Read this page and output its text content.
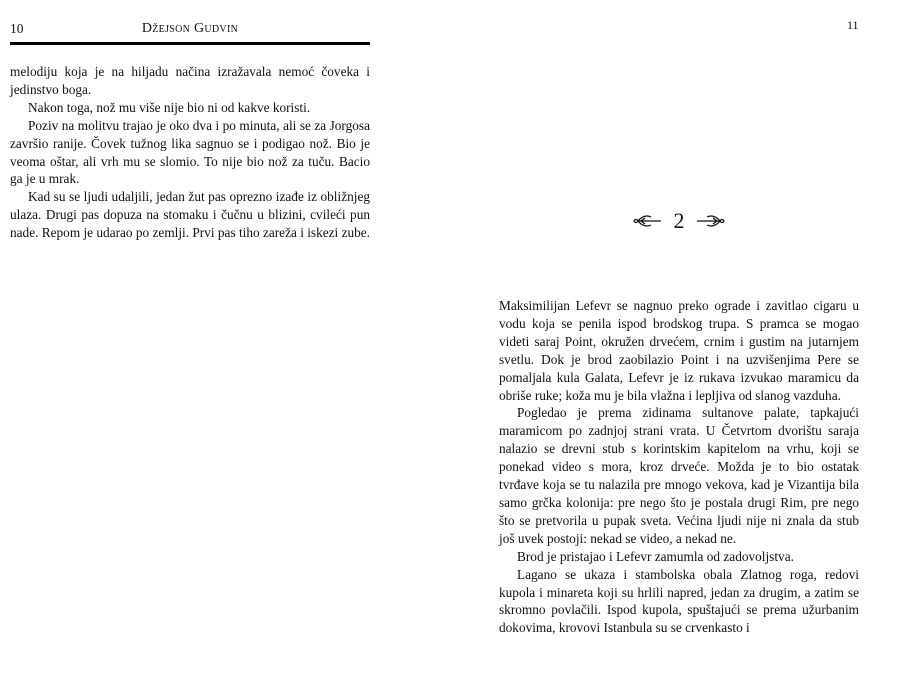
10	Džejson Gudvin

melodiju koja je na hiljadu načina izražavala nemoć čoveka i jedinstvo boga.

Nakon toga, nož mu više nije bio ni od kakve koristi.

Poziv na molitvu trajao je oko dva i po minuta, ali se za Jorgosa završio ranije. Čovek tužnog lika sagnuo se i podigao nož. Bio je veoma oštar, ali vrh mu se slomio. To nije bio nož za tuču. Bacio ga je u mrak.

Kad su se ljudi udaljili, jedan žut pas oprezno izađe iz obližnjeg ulaza. Drugi pas dopuza na stomaku i čučnu u blizini, cvileći pun nade. Repom je udarao po zemlji. Prvi pas tiho zareža i iskezi zube.

11
2

Maksimilijan Lefevr se nagnuo preko ograde i zavitlao cigaru u vodu koja se penila ispod brodskog trupa. S pramca se mogao videti saraj Point, okružen drvećem, crnim i gustim na jutarnjem svetlu. Dok je brod zaobilazio Point i na uzvišenjima Pere se pomaljala kula Galata, Lefevr je iz rukava izvukao maramicu da obriše ruke; koža mu je bila vlažna i lepljiva od slanog vazduha.

Pogledao je prema zidinama sultanove palate, tapkajući maramicom po zadnjoj strani vrata. U Četvrtom dvorištu saraja nalazio se drevni stub s korintskim kapitelom na vrhu, koji se ponekad video s mora, kroz drveće. Možda je to bio ostatak tvrđave koja se tu nalazila pre mnogo vekova, kad je Vizantija bila samo grčka kolonija: pre nego što je postala drugi Rim, pre nego što se pretvorila u pupak sveta. Većina ljudi nije ni znala da stub još uvek postoji: nekad se video, a nekad ne.

Brod je pristajao i Lefevr zamumla od zadovoljstva.

Lagano se ukaza i stambolska obala Zlatnog roga, redovi kupola i minareta koji su hrlili napred, jedan za drugim, a zatim se skromno povlačili. Ispod kupola, spuštajući se prema užurbanim dokovima, krovovi Istanbula su se crvenkasto i
